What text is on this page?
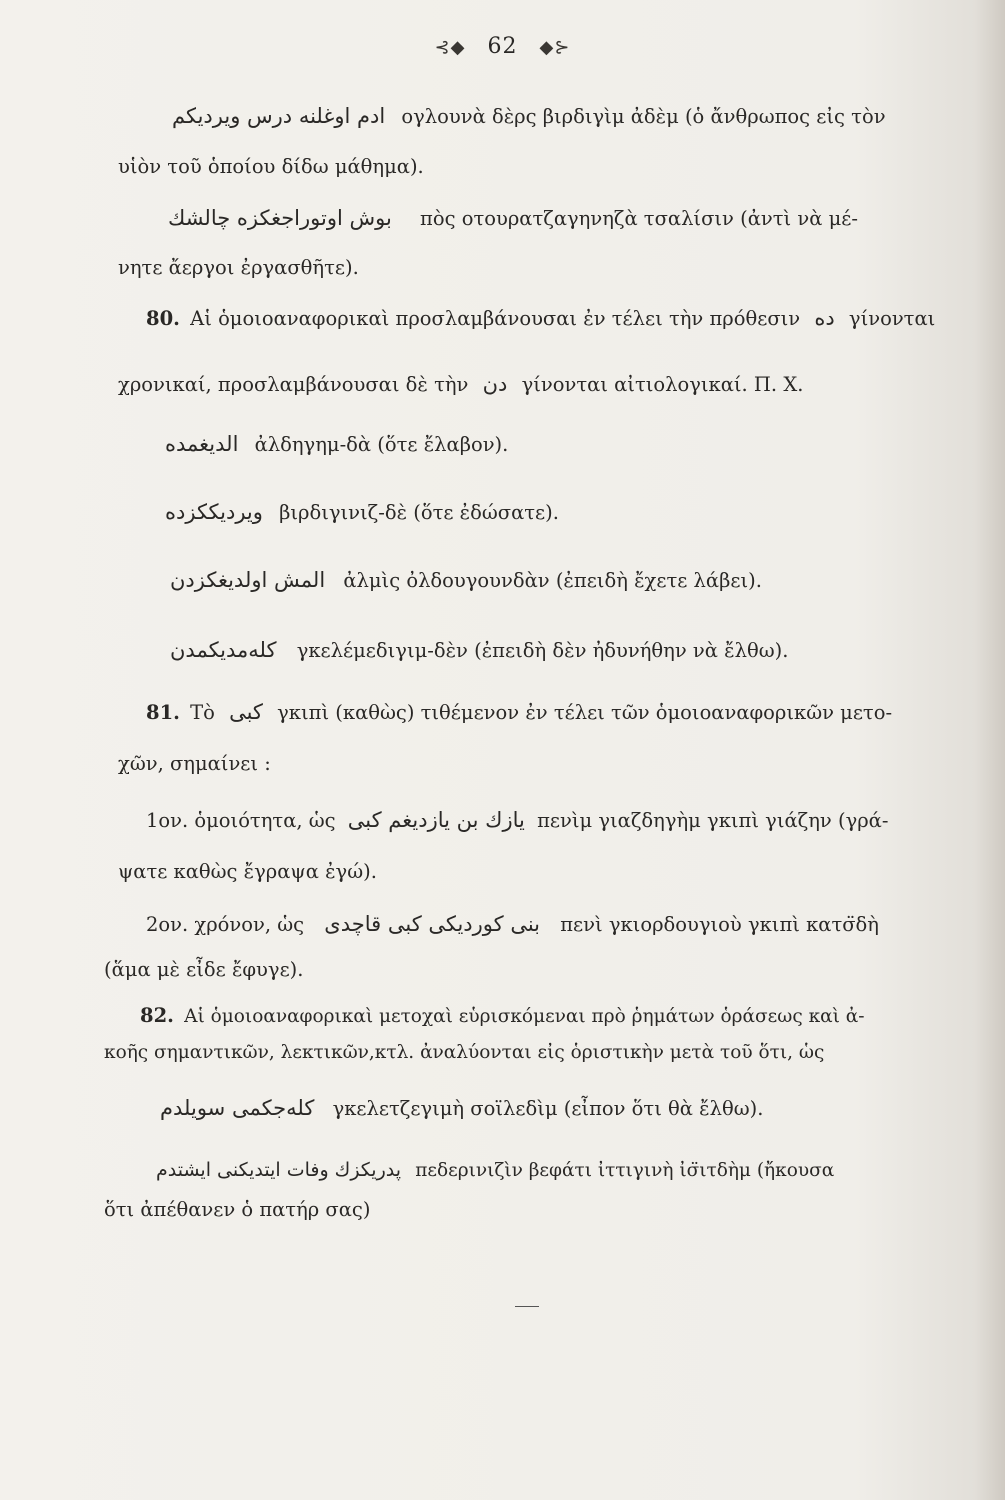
⊰◆ 62 ◆⊱
ادم اوغلنه درس ویردیکم ογλουνὰ δὲρς βιρδιγὶμ ἀδὲμ (ὁ ἄνθρωπος εἰς τὸν
υἱὸν τοῦ ὁποίου δίδω μάθημα).
بوش اوتوراجغکزه چالشك πὸς οτουρατζαγηνηζὰ τσαλίσιν (ἀντὶ νὰ μέ-
νητε ἄεργοι ἐργασθῆτε).
80. Αἱ ὁμοιοαναφορικαὶ προσλαμβάνουσαι ἐν τέλει τὴν πρόθεσιν ده γίνονται
χρονικαί, προσλαμβάνουσαι δὲ τὴν دن γίνονται αἰτιολογικαί. Π. Χ.
الدیغمده ἀλδηγημ-δὰ (ὅτε ἔλαβον).
ویردیککزده βιρδιγινιζ-δὲ (ὅτε ἐδώσατε).
المش اولدیغکزدن ἀλμὶς ὀλδουγουνδὰν (ἐπειδὴ ἔχετε λάβει).
کله‌مدیکمدن γκελέμεδιγιμ-δὲν (ἐπειδὴ δὲν ἠδυνήθην νὰ ἔλθω).
81. Τὸ کبی γκιπὶ (καθὼς) τιθέμενον ἐν τέλει τῶν ὁμοιοαναφορικῶν μετο-
χῶν, σημαίνει :
1ον. ὁμοιότητα, ὡς یازك بن یازدیغم کبی πενὶμ γιαζδηγὴμ γκιπὶ γιάζην (γρά-
ψατε καθὼς ἔγραψα ἐγώ).
2ον. χρόνον, ὡς بنی کوردیکی کبی قاچدی πενὶ γκιορδουγιοὺ γκιπὶ κατσ̈δὴ
(ἅμα μὲ εἶδε ἔφυγε).
82. Αἱ ὁμοιοαναφορικαὶ μετοχαὶ εὑρισκόμεναι πρὸ ῥημάτων ὁράσεως καὶ ἀ-
κοῆς σημαντικῶν, λεκτικῶν,κτλ. ἀναλύονται εἰς ὁριστικὴν μετὰ τοῦ ὅτι, ὡς
کله‌جکمی سویلدم γκελετζεγιμὴ σοϊλεδὶμ (εἶπον ὅτι θὰ ἔλθω).
پدریکزك وفات ایتدیکنی ایشتدم πεδερινιζὶν βεφάτι ἰττιγινὴ ἰσ̈ιτδὴμ (ἤκουσα
ὅτι ἀπέθανεν ὁ πατήρ σας)
